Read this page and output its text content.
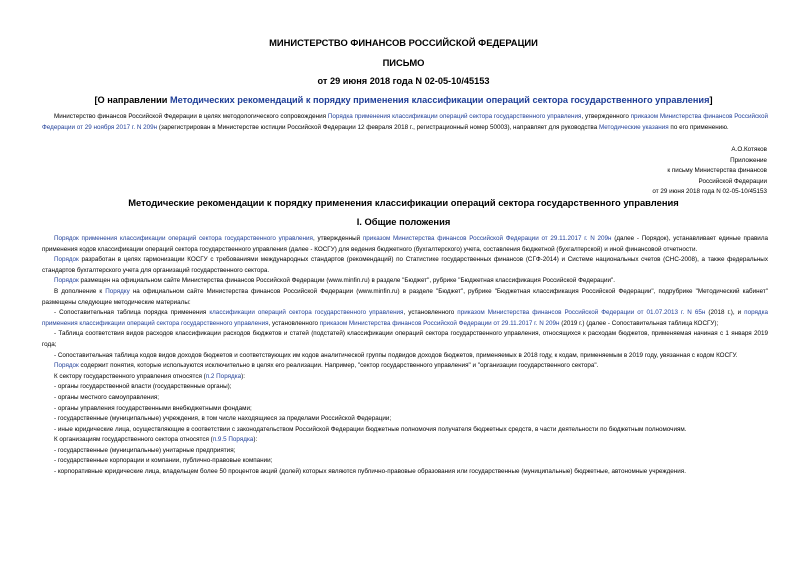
МИНИСТЕРСТВО ФИНАНСОВ РОССИЙСКОЙ ФЕДЕРАЦИИ
ПИСЬМО
от 29 июня 2018 года N 02-05-10/45153
[О направлении Методических рекомендаций к порядку применения классификации операций сектора государственного управления]

Министерство финансов Российской Федерации в целях методологического сопровождения Порядка применения классификации операций сектора государственного управления, утвержденного приказом Министерства финансов Российской Федерации от 29 ноября 2017 г. N 209н (зарегистрирован в Министерстве юстиции Российской Федерации 12 февраля 2018 г., регистрационный номер 50003), направляет для руководства Методические указания по его применению.

А.О.Котяков
Приложение
к письму Министерства финансов
Российской Федерации
от 29 июня 2018 года N 02-05-10/45153
Методические рекомендации к порядку применения классификации операций сектора государственного управления
I. Общие положения

Порядок применения классификации операций сектора государственного управления, утвержденный приказом Министерства финансов Российской Федерации от 29.11.2017 г. N 209н (далее - Порядок), устанавливает единые правила применения кодов классификации операций сектора государственного управления (далее - КОСГУ) для ведения бюджетного (бухгалтерского) учета, составления бюджетной (бухгалтерской) и иной финансовой отчетности.

Порядок разработан в целях гармонизации КОСГУ с требованиями международных стандартов (рекомендаций) по Статистике государственных финансов (СГФ-2014) и Системе национальных счетов (СНС-2008), а также федеральных стандартов бухгалтерского учета для организаций государственного сектора.

Порядок размещен на официальном сайте Министерства финансов Российской Федерации (www.minfin.ru) в разделе "Бюджет", рубрике "Бюджетная классификация Российской Федерации".

В дополнение к Порядку на официальном сайте Министерства финансов Российской Федерации (www.minfin.ru) в разделе "Бюджет", рубрике "Бюджетная классификация Российской Федерации", подрубрике "Методический кабинет" размещены следующие методические материалы:

- Сопоставительная таблица порядка применения классификации операций сектора государственного управления, установленного приказом Министерства финансов Российской Федерации от 01.07.2013 г. N 65н (2018 г.), и порядка применения классификации операций сектора государственного управления, установленного приказом Министерства финансов Российской Федерации от 29.11.2017 г. N 209н (2019 г.) (далее - Сопоставительная таблица КОСГУ);

- Таблица соответствия видов расходов классификации расходов бюджетов и статей (подстатей) классификации операций сектора государственного управления, относящихся к расходам бюджетов, применяемая начиная с 1 января 2019 года;

- Сопоставительная таблица кодов видов доходов бюджетов и соответствующих им кодов аналитической группы подвидов доходов бюджетов, применяемых в 2018 году, к кодам, применяемым в 2019 году, увязанная с кодом КОСГУ.

Порядок содержит понятия, которые используются исключительно в целях его реализации. Например, "сектор государственного управления" и "организации государственного сектора".

К сектору государственного управления относятся (п.2 Порядка):

- органы государственной власти (государственные органы);

- органы местного самоуправления;

- органы управления государственными внебюджетными фондами;

- государственные (муниципальные) учреждения, в том числе находящиеся за пределами Российской Федерации;

- иные юридические лица, осуществляющие в соответствии с законодательством Российской Федерации бюджетные полномочия получателя бюджетных средств, в части деятельности по бюджетным полномочиям.

К организациям государственного сектора относятся (п.9.5 Порядка):

- государственные (муниципальные) унитарные предприятия;

- государственные корпорации и компании, публично-правовые компании;

- корпоративные юридические лица, владельцем более 50 процентов акций (долей) которых являются публично-правовые образования или государственные (муниципальные) бюджетные, автономные учреждения.
